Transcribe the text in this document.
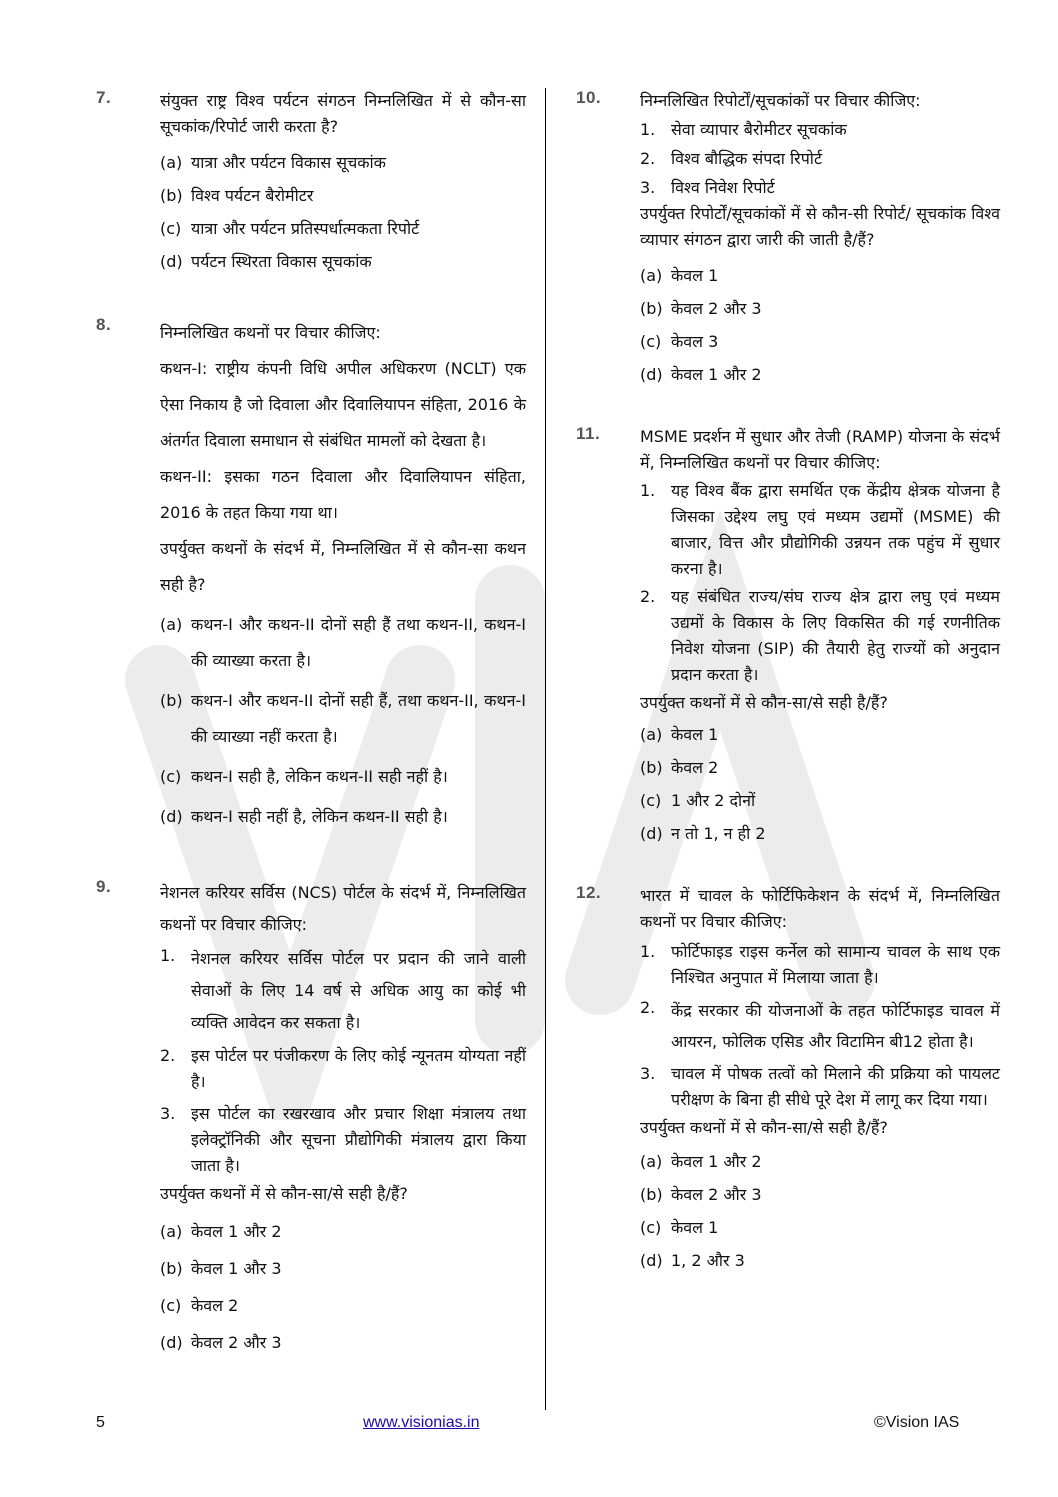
7.	संयुक्त राष्ट्र विश्व पर्यटन संगठन निम्नलिखित में से कौन-सा सूचकांक/रिपोर्ट जारी करता है?
(a) यात्रा और पर्यटन विकास सूचकांक
(b) विश्व पर्यटन बैरोमीटर
(c) यात्रा और पर्यटन प्रतिस्पर्धात्मकता रिपोर्ट
(d) पर्यटन स्थिरता विकास सूचकांक
8.	निम्नलिखित कथनों पर विचार कीजिए:
कथन-I: राष्ट्रीय कंपनी विधि अपील अधिकरण (NCLT) एक ऐसा निकाय है जो दिवाला और दिवालियापन संहिता, 2016 के अंतर्गत दिवाला समाधान से संबंधित मामलों को देखता है।
कथन-II: इसका गठन दिवाला और दिवालियापन संहिता, 2016 के तहत किया गया था।
उपर्युक्त कथनों के संदर्भ में, निम्नलिखित में से कौन-सा कथन सही है?
(a) कथन-I और कथन-II दोनों सही हैं तथा कथन-II, कथन-I की व्याख्या करता है।
(b) कथन-I और कथन-II दोनों सही हैं, तथा कथन-II, कथन-I की व्याख्या नहीं करता है।
(c) कथन-I सही है, लेकिन कथन-II सही नहीं है।
(d) कथन-I सही नहीं है, लेकिन कथन-II सही है।
9.	नेशनल करियर सर्विस (NCS) पोर्टल के संदर्भ में, निम्नलिखित कथनों पर विचार कीजिए:
1. नेशनल करियर सर्विस पोर्टल पर प्रदान की जाने वाली सेवाओं के लिए 14 वर्ष से अधिक आयु का कोई भी व्यक्ति आवेदन कर सकता है।
2. इस पोर्टल पर पंजीकरण के लिए कोई न्यूनतम योग्यता नहीं है।
3. इस पोर्टल का रखरखाव और प्रचार शिक्षा मंत्रालय तथा इलेक्ट्रॉनिकी और सूचना प्रौद्योगिकी मंत्रालय द्वारा किया जाता है।
उपर्युक्त कथनों में से कौन-सा/से सही है/हैं?
(a) केवल 1 और 2
(b) केवल 1 और 3
(c) केवल 2
(d) केवल 2 और 3
10. निम्नलिखित रिपोर्टों/सूचकांकों पर विचार कीजिए:
1. सेवा व्यापार बैरोमीटर सूचकांक
2. विश्व बौद्धिक संपदा रिपोर्ट
3. विश्व निवेश रिपोर्ट
उपर्युक्त रिपोर्टों/सूचकांकों में से कौन-सी रिपोर्ट/ सूचकांक विश्व व्यापार संगठन द्वारा जारी की जाती है/हैं?
(a) केवल 1
(b) केवल 2 और 3
(c) केवल 3
(d) केवल 1 और 2
11. MSME प्रदर्शन में सुधार और तेजी (RAMP) योजना के संदर्भ में, निम्नलिखित कथनों पर विचार कीजिए:
1. यह विश्व बैंक द्वारा समर्थित एक केंद्रीय क्षेत्रक योजना है जिसका उद्देश्य लघु एवं मध्यम उद्यमों (MSME) की बाजार, वित्त और प्रौद्योगिकी उन्नयन तक पहुंच में सुधार करना है।
2. यह संबंधित राज्य/संघ राज्य क्षेत्र द्वारा लघु एवं मध्यम उद्यमों के विकास के लिए विकसित की गई रणनीतिक निवेश योजना (SIP) की तैयारी हेतु राज्यों को अनुदान प्रदान करता है।
उपर्युक्त कथनों में से कौन-सा/से सही है/हैं?
(a) केवल 1
(b) केवल 2
(c) 1 और 2 दोनों
(d) न तो 1, न ही 2
12. भारत में चावल के फोर्टिफिकेशन के संदर्भ में, निम्नलिखित कथनों पर विचार कीजिए:
1. फोर्टिफाइड राइस कर्नेल को सामान्य चावल के साथ एक निश्चित अनुपात में मिलाया जाता है।
2. केंद्र सरकार की योजनाओं के तहत फोर्टिफाइड चावल में आयरन, फोलिक एसिड और विटामिन बी12 होता है।
3. चावल में पोषक तत्वों को मिलाने की प्रक्रिया को पायलट परीक्षण के बिना ही सीधे पूरे देश में लागू कर दिया गया।
उपर्युक्त कथनों में से कौन-सा/से सही है/हैं?
(a) केवल 1 और 2
(b) केवल 2 और 3
(c) केवल 1
(d) 1, 2 और 3
5	www.visionias.in	©Vision IAS
